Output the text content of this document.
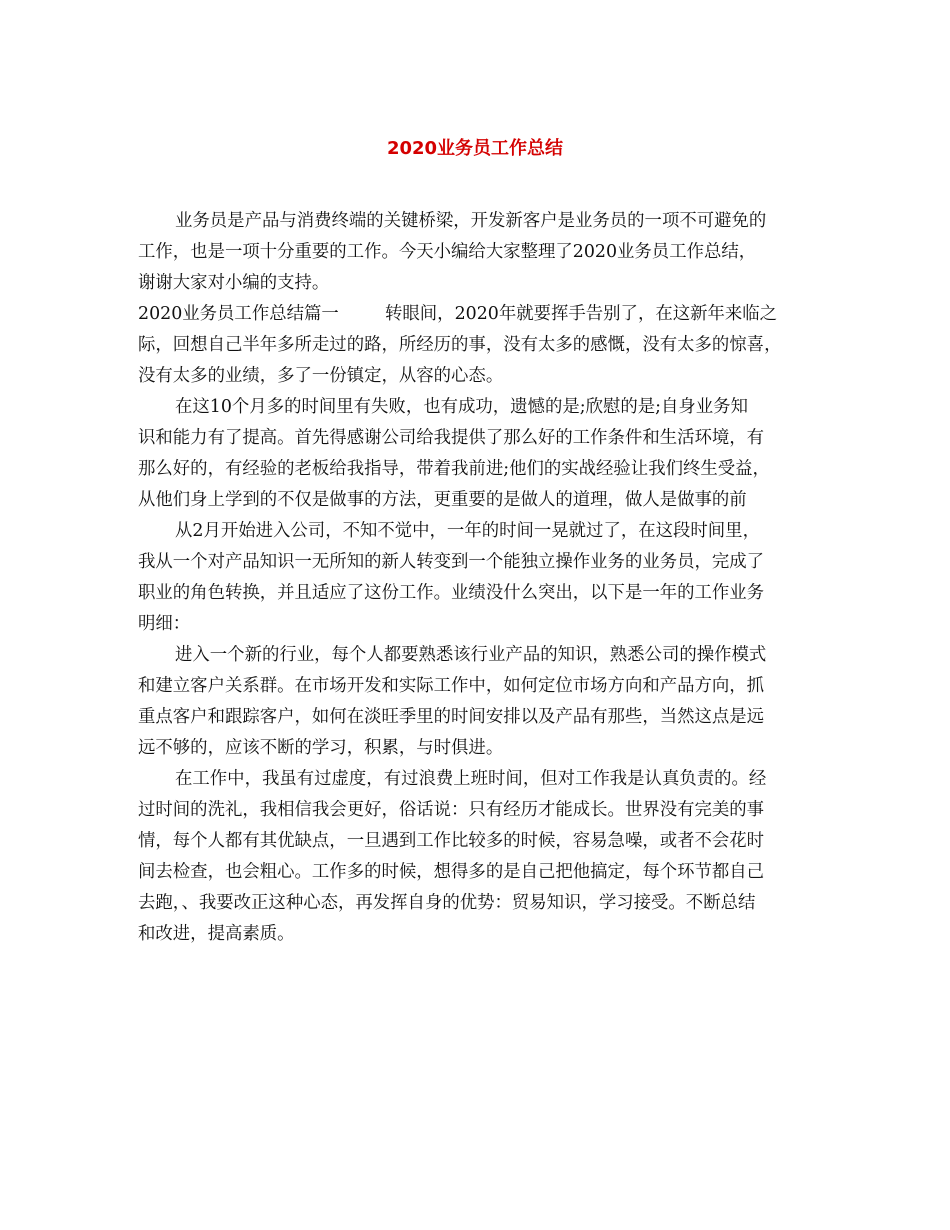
2020业务员工作总结
业务员是产品与消费终端的关键桥梁，开发新客户是业务员的一项不可避免的
工作，也是一项十分重要的工作。今天小编给大家整理了2020业务员工作总结，
谢谢大家对小编的支持。
2020业务员工作总结篇一	转眼间，2020年就要挥手告别了，在这新年来临之
际，回想自己半年多所走过的路，所经历的事，没有太多的感慨，没有太多的惊喜，
没有太多的业绩，多了一份镇定，从容的心态。
在这10个月多的时间里有失败，也有成功，遗憾的是;欣慰的是;自身业务知
识和能力有了提高。首先得感谢公司给我提供了那么好的工作条件和生活环境，有
那么好的，有经验的老板给我指导，带着我前进;他们的实战经验让我们终生受益，
从他们身上学到的不仅是做事的方法，更重要的是做人的道理，做人是做事的前
从2月开始进入公司，不知不觉中，一年的时间一晃就过了，在这段时间里，
我从一个对产品知识一无所知的新人转变到一个能独立操作业务的业务员，完成了
职业的角色转换，并且适应了这份工作。业绩没什么突出，以下是一年的工作业务
明细：
进入一个新的行业，每个人都要熟悉该行业产品的知识，熟悉公司的操作模式
和建立客户关系群。在市场开发和实际工作中，如何定位市场方向和产品方向，抓
重点客户和跟踪客户，如何在淡旺季里的时间安排以及产品有那些，当然这点是远
远不够的，应该不断的学习，积累，与时俱进。
在工作中，我虽有过虚度，有过浪费上班时间，但对工作我是认真负责的。经
过时间的洗礼，我相信我会更好，俗话说：只有经历才能成长。世界没有完美的事
情，每个人都有其优缺点，一旦遇到工作比较多的时候，容易急噪，或者不会花时
间去检查，也会粗心。工作多的时候，想得多的是自己把他搞定，每个环节都自己
去跑，、我要改正这种心态，再发挥自身的优势：贸易知识，学习接受。不断总结
和改进，提高素质。
